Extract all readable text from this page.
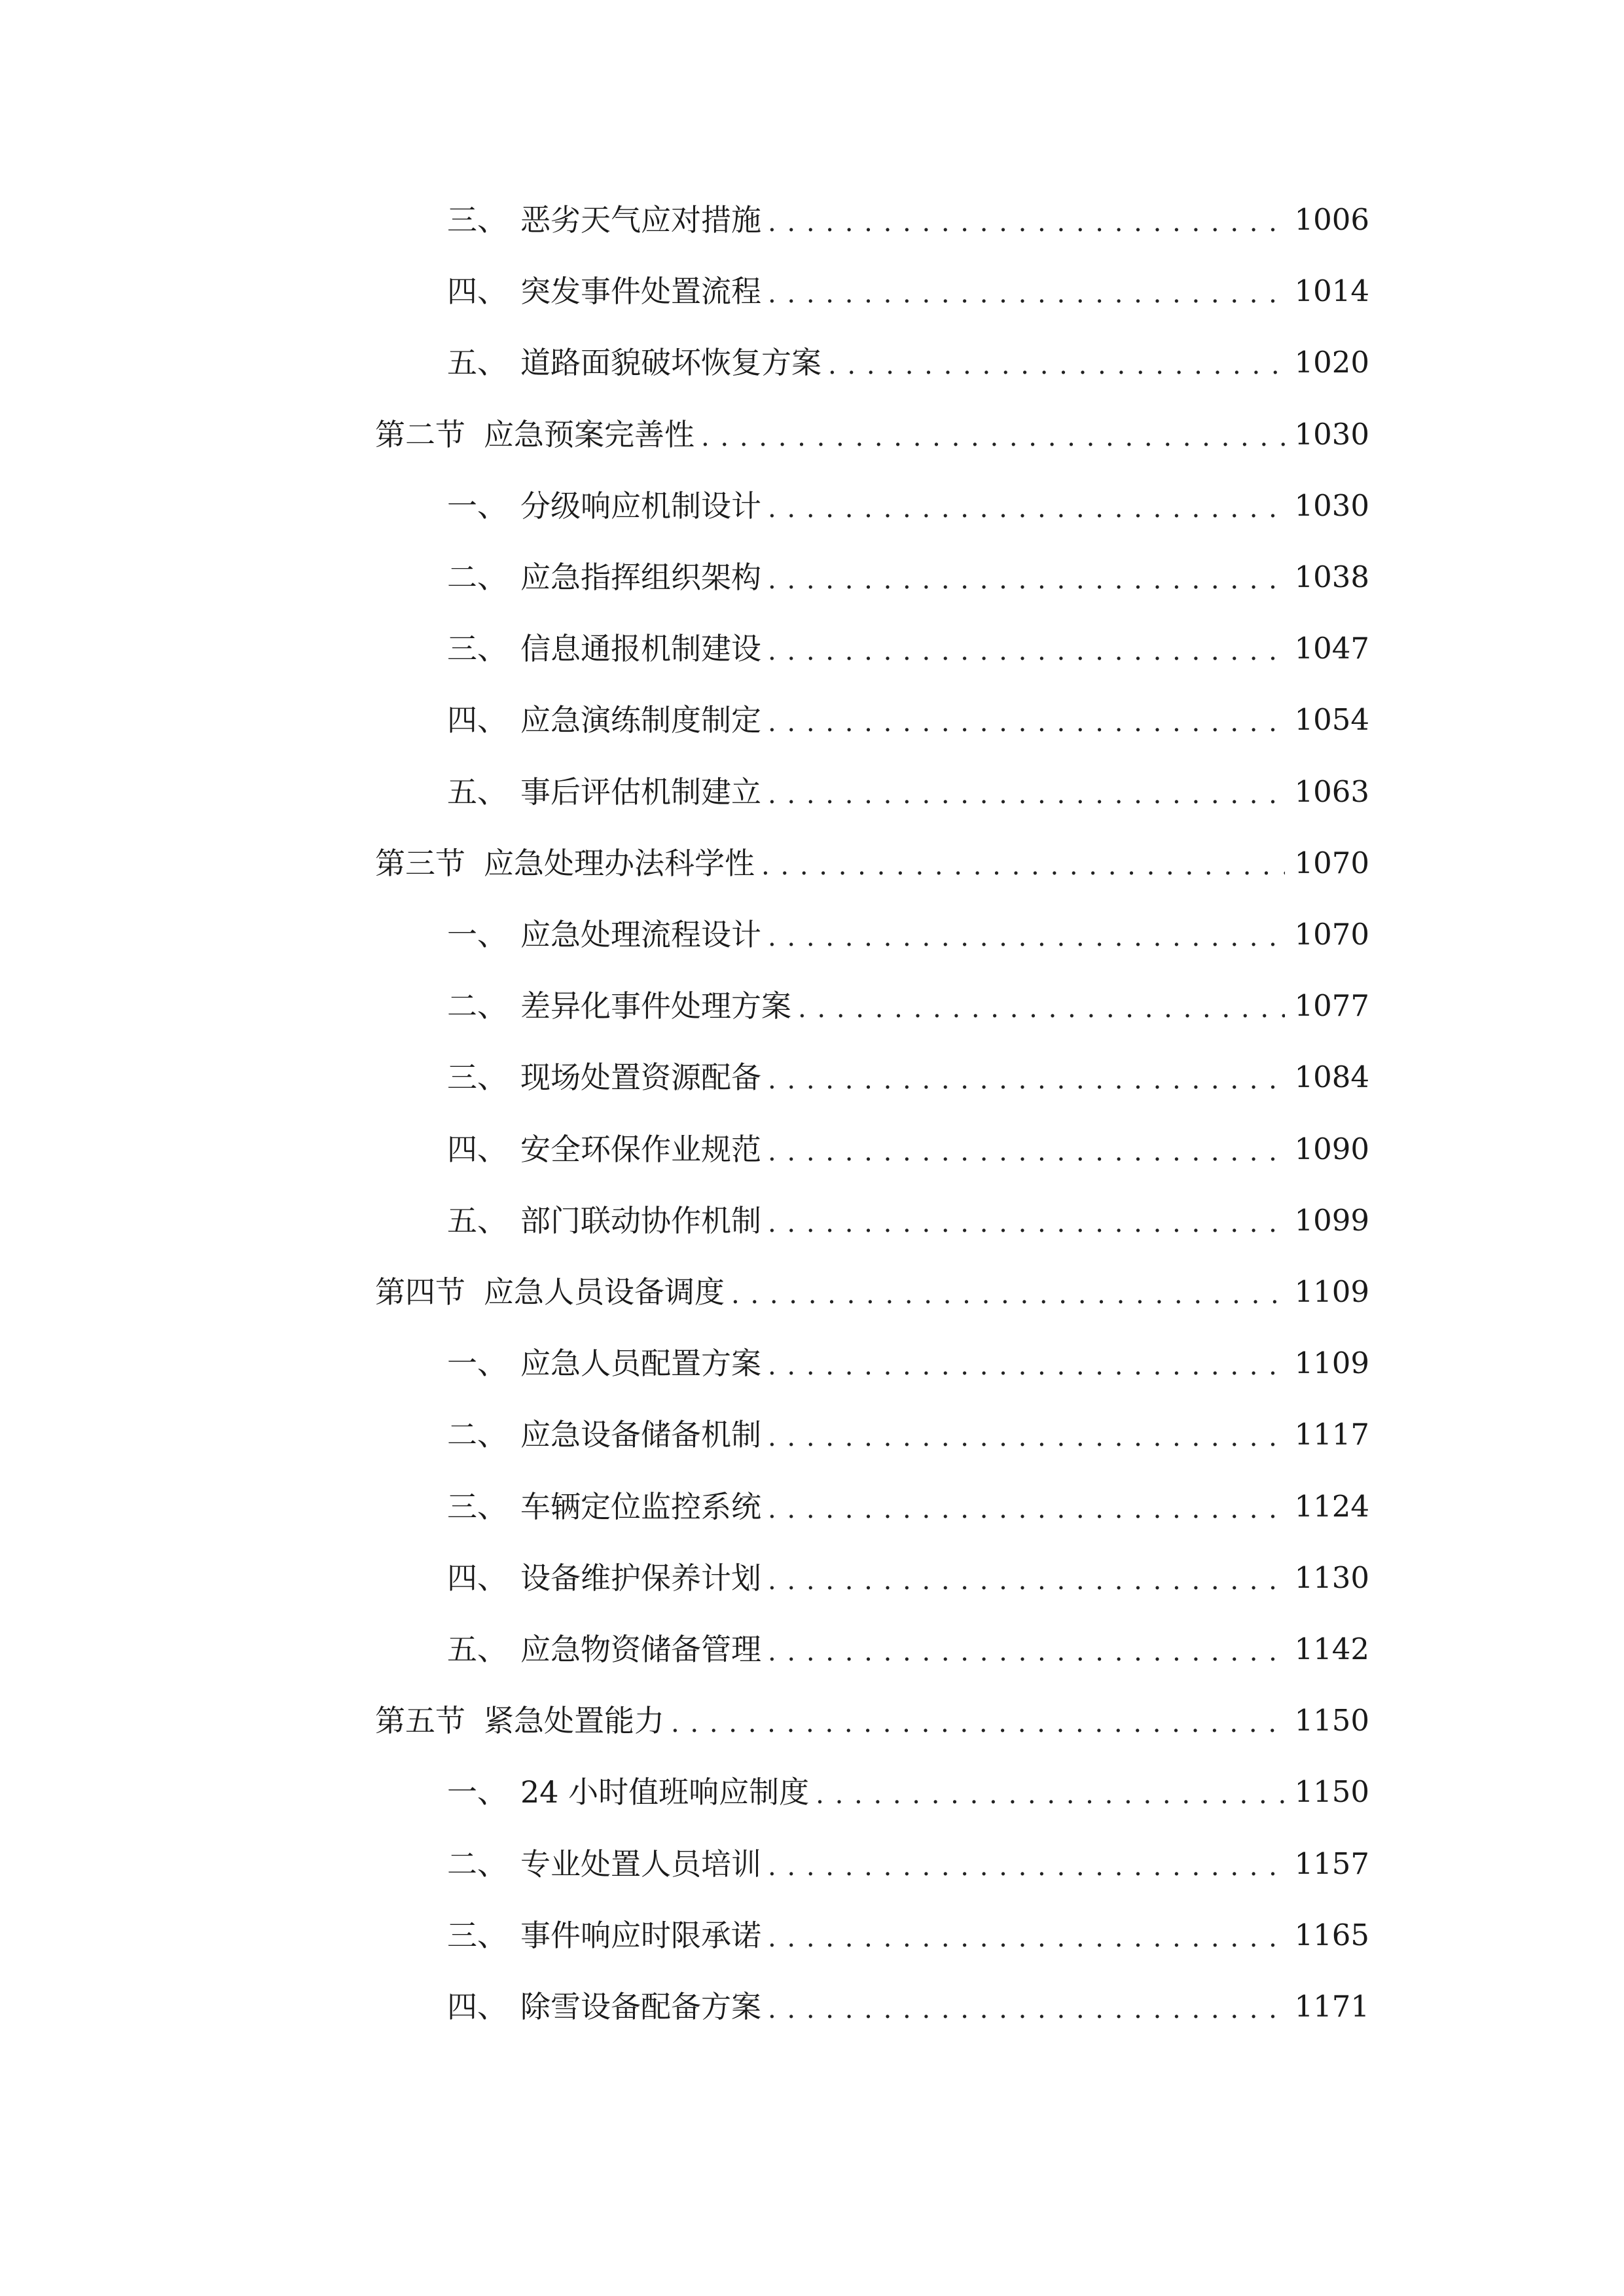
三、 恶劣天气应对措施 . . .	1006
四、 突发事件处置流程 . . .	1014
五、 道路面貌破坏恢复方案 . . .	1020
第二节 应急预案完善性 . . .	1030
一、 分级响应机制设计 . . .	1030
二、 应急指挥组织架构 . . .	1038
三、 信息通报机制建设 . . .	1047
四、 应急演练制度制定 . . .	1054
五、 事后评估机制建立 . . .	1063
第三节 应急处理办法科学性 . . .	1070
一、 应急处理流程设计 . . .	1070
二、 差异化事件处理方案 . . .	1077
三、 现场处置资源配备 . . .	1084
四、 安全环保作业规范 . . .	1090
五、 部门联动协作机制 . . .	1099
第四节 应急人员设备调度 . . .	1109
一、 应急人员配置方案 . . .	1109
二、 应急设备储备机制 . . .	1117
三、 车辆定位监控系统 . . .	1124
四、 设备维护保养计划 . . .	1130
五、 应急物资储备管理 . . .	1142
第五节 紧急处置能力 . . .	1150
一、 24 小时值班响应制度 . . .	1150
二、 专业处置人员培训 . . .	1157
三、 事件响应时限承诺 . . .	1165
四、 除雪设备配备方案 . . .	1171
